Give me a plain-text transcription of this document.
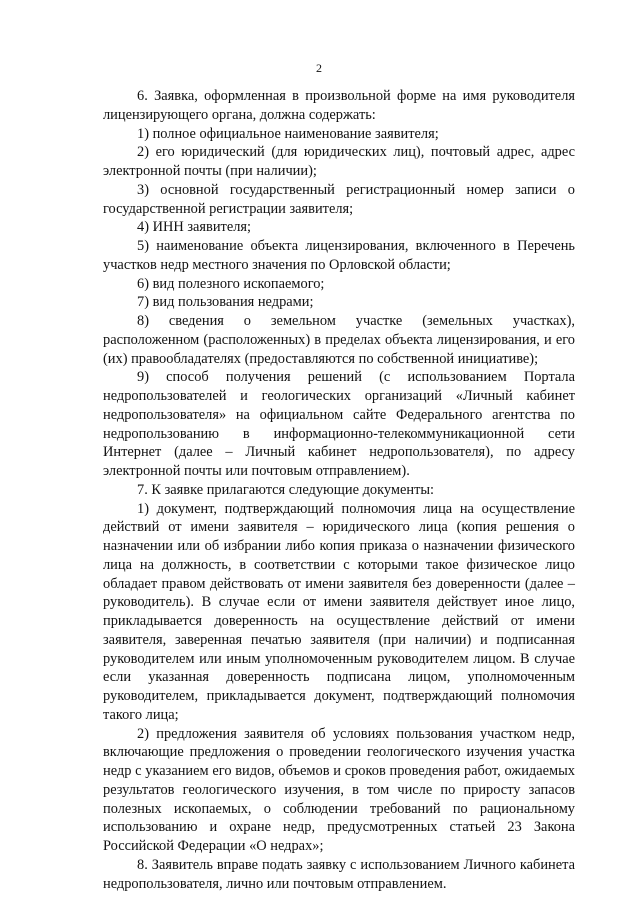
2

6. Заявка, оформленная в произвольной форме на имя руководителя лицензирующего органа, должна содержать:

1) полное официальное наименование заявителя;

2) его юридический (для юридических лиц), почтовый адрес, адрес электронной почты (при наличии);

3) основной государственный регистрационный номер записи о государственной регистрации заявителя;

4) ИНН заявителя;

5) наименование объекта лицензирования, включенного в Перечень участков недр местного значения по Орловской области;

6) вид полезного ископаемого;

7) вид пользования недрами;

8) сведения о земельном участке (земельных участках), расположенном (расположенных) в пределах объекта лицензирования, и его (их) правообладателях (предоставляются по собственной инициативе);

9) способ получения решений (с использованием Портала недропользователей и геологических организаций «Личный кабинет недропользователя» на официальном сайте Федерального агентства по недропользованию в информационно-телекоммуникационной сети Интернет (далее – Личный кабинет недропользователя), по адресу электронной почты или почтовым отправлением).

7. К заявке прилагаются следующие документы:

1) документ, подтверждающий полномочия лица на осуществление действий от имени заявителя – юридического лица (копия решения о назначении или об избрании либо копия приказа о назначении физического лица на должность, в соответствии с которыми такое физическое лицо обладает правом действовать от имени заявителя без доверенности (далее – руководитель). В случае если от имени заявителя действует иное лицо, прикладывается доверенность на осуществление действий от имени заявителя, заверенная печатью заявителя (при наличии) и подписанная руководителем или иным уполномоченным руководителем лицом. В случае если указанная доверенность подписана лицом, уполномоченным руководителем, прикладывается документ, подтверждающий полномочия такого лица;

2) предложения заявителя об условиях пользования участком недр, включающие предложения о проведении геологического изучения участка недр с указанием его видов, объемов и сроков проведения работ, ожидаемых результатов геологического изучения, в том числе по приросту запасов полезных ископаемых, о соблюдении требований по рациональному использованию и охране недр, предусмотренных статьей 23 Закона Российской Федерации «О недрах»;

8. Заявитель вправе подать заявку с использованием Личного кабинета недропользователя, лично или почтовым отправлением.
